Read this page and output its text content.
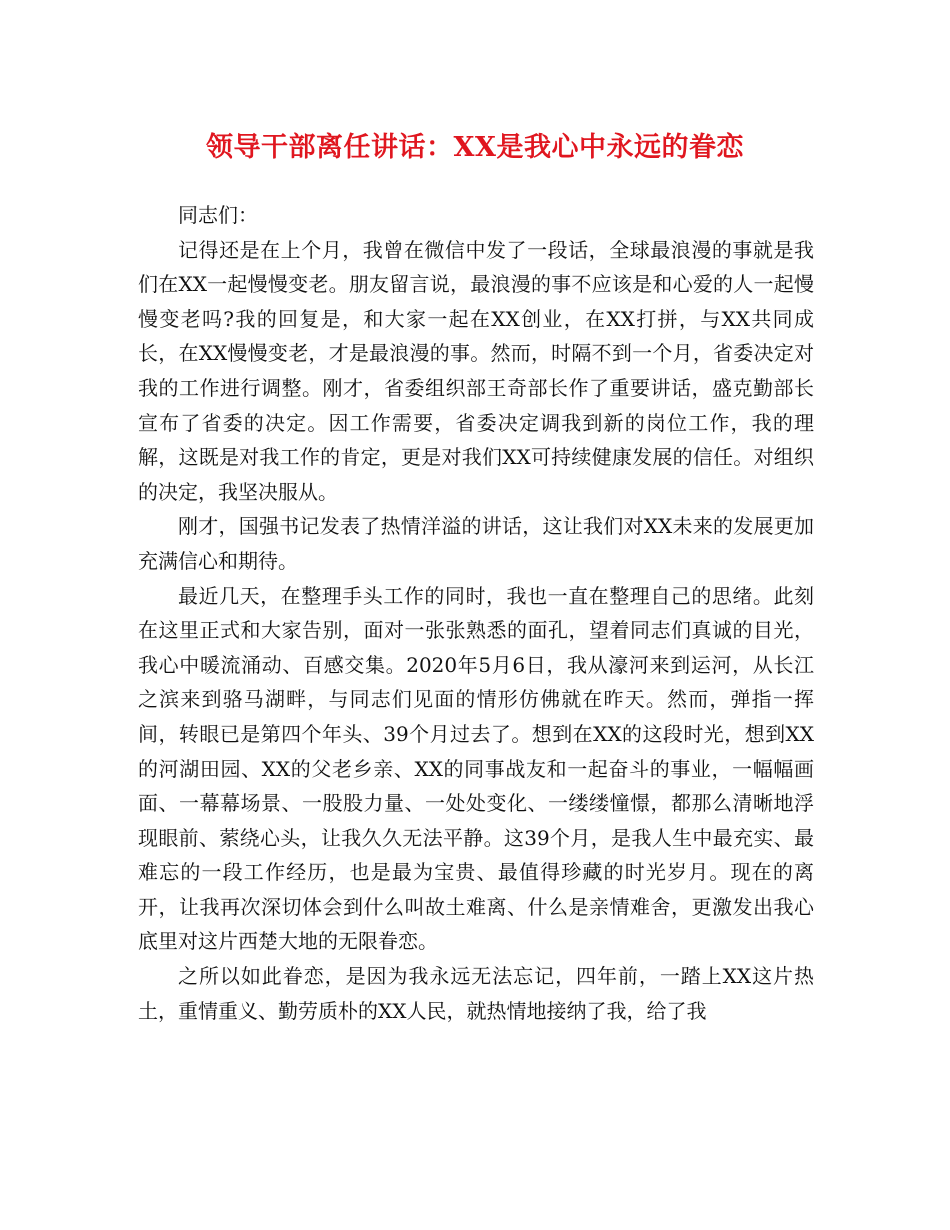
领导干部离任讲话：XX是我心中永远的眷恋

同志们：

记得还是在上个月，我曾在微信中发了一段话，全球最浪漫的事就是我们在XX一起慢慢变老。朋友留言说，最浪漫的事不应该是和心爱的人一起慢慢变老吗?我的回复是，和大家一起在XX创业，在XX打拼，与XX共同成长，在XX慢慢变老，才是最浪漫的事。然而，时隔不到一个月，省委决定对我的工作进行调整。刚才，省委组织部王奇部长作了重要讲话，盛克勤部长宣布了省委的决定。因工作需要，省委决定调我到新的岗位工作，我的理解，这既是对我工作的肯定，更是对我们XX可持续健康发展的信任。对组织的决定，我坚决服从。

刚才，国强书记发表了热情洋溢的讲话，这让我们对XX未来的发展更加充满信心和期待。

最近几天，在整理手头工作的同时，我也一直在整理自己的思绪。此刻在这里正式和大家告别，面对一张张熟悉的面孔，望着同志们真诚的目光，我心中暖流涌动、百感交集。2020年5月6日，我从濠河来到运河，从长江之滨来到骆马湖畔，与同志们见面的情形仿佛就在昨天。然而，弹指一挥间，转眼已是第四个年头、39个月过去了。想到在XX的这段时光，想到XX的河湖田园、XX的父老乡亲、XX的同事战友和一起奋斗的事业，一幅幅画面、一幕幕场景、一股股力量、一处处变化、一缕缕憧憬，都那么清晰地浮现眼前、萦绕心头，让我久久无法平静。这39个月，是我人生中最充实、最难忘的一段工作经历，也是最为宝贵、最值得珍藏的时光岁月。现在的离开，让我再次深切体会到什么叫故土难离、什么是亲情难舍，更激发出我心底里对这片西楚大地的无限眷恋。

之所以如此眷恋，是因为我永远无法忘记，四年前，一踏上XX这片热土，重情重义、勤劳质朴的XX人民，就热情地接纳了我，给了我
